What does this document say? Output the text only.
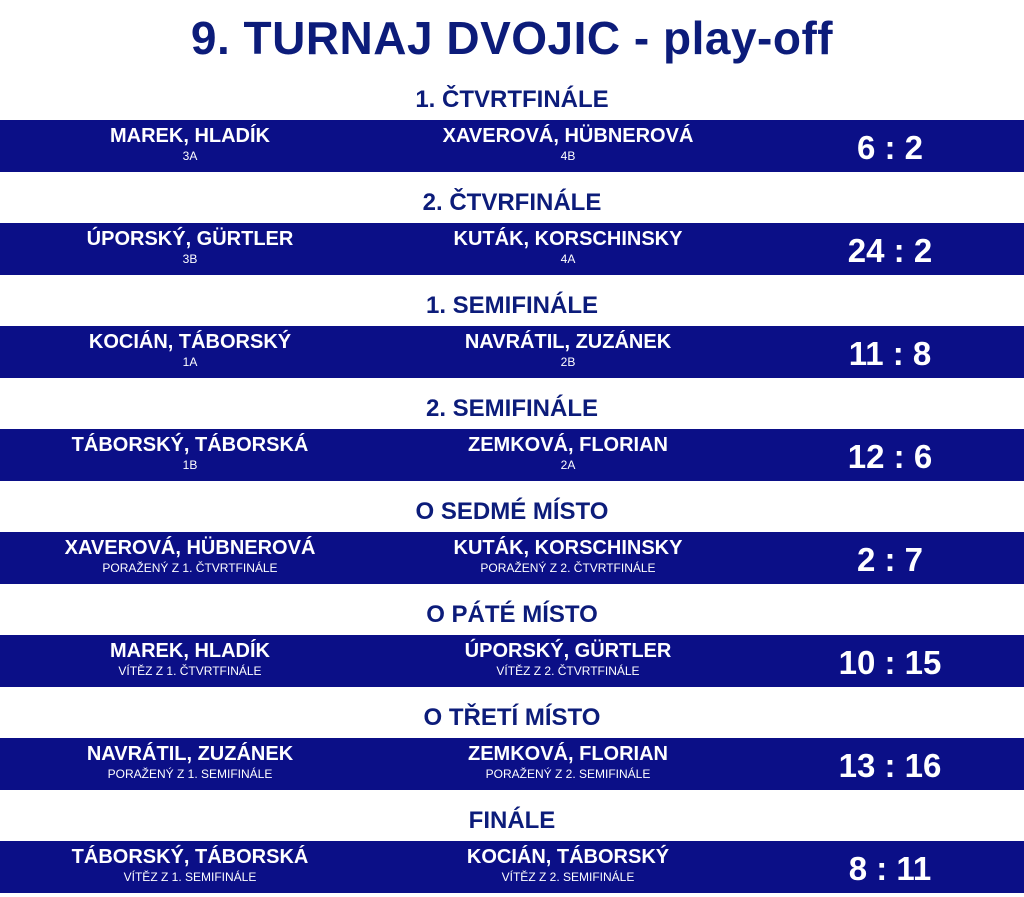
9. TURNAJ DVOJIC - play-off
1. ČTVRTFINÁLE
MAREK, HLADÍK
3A
XAVEROVÁ, HÜBNEROVÁ
4B	6 : 2
2. ČTVRFINÁLE
ÚPORSKÝ, GÜRTLER
3B
KUTÁK, KORSCHINSKY
4A	24 : 2
1. SEMIFINÁLE
KOCIÁN, TÁBORSKÝ
1A
NAVRÁTIL, ZUZÁNEK
2B	11 : 8
2. SEMIFINÁLE
TÁBORSKÝ, TÁBORSKÁ
1B
ZEMKOVÁ, FLORIAN
2A	12 : 6
O SEDMÉ MÍSTO
XAVEROVÁ, HÜBNEROVÁ
PORAŽENÝ Z 1. ČTVRTFINÁLE
KUTÁK, KORSCHINSKY
PORAŽENÝ Z 2. ČTVRTFINÁLE	2 : 7
O PÁTÉ MÍSTO
MAREK, HLADÍK
VÍTĚZ Z 1. ČTVRTFINÁLE
ÚPORSKÝ, GÜRTLER
VÍTĚZ Z 2. ČTVRTFINÁLE	10 : 15
O TŘETÍ MÍSTO
NAVRÁTIL, ZUZÁNEK
PORAŽENÝ Z 1. SEMIFINÁLE
ZEMKOVÁ, FLORIAN
PORAŽENÝ Z 2. SEMIFINÁLE	13 : 16
FINÁLE
TÁBORSKÝ, TÁBORSKÁ
VÍTĚZ Z 1. SEMIFINÁLE
KOCIÁN, TÁBORSKÝ
VÍTĚZ Z 2. SEMIFINÁLE	8 : 11
